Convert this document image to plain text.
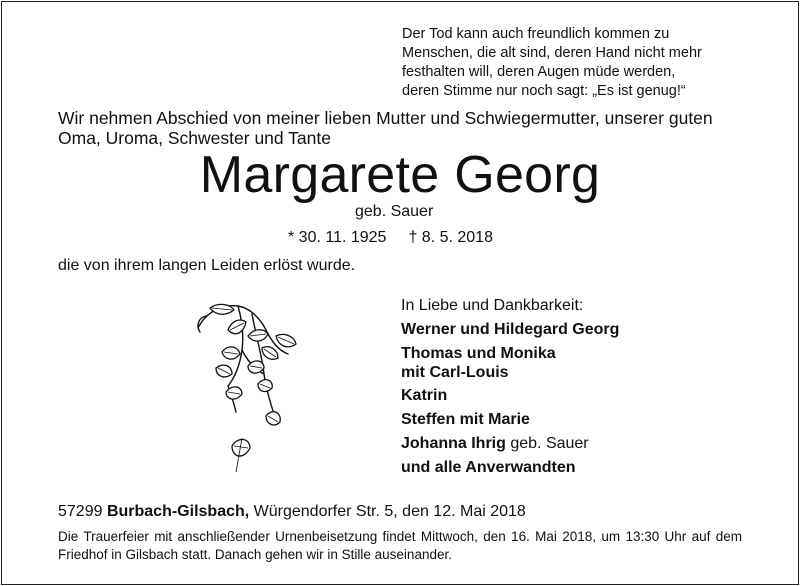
Der Tod kann auch freundlich kommen zu
Menschen, die alt sind, deren Hand nicht mehr
festhalten will, deren Augen müde werden,
deren Stimme nur noch sagt: „Es ist genug!“
Wir nehmen Abschied von meiner lieben Mutter und Schwiegermutter, unserer guten
Oma, Uroma, Schwester und Tante
Margarete Georg
geb. Sauer
* 30. 11. 1925 † 8. 5. 2018
die von ihrem langen Leiden erlöst wurde.
In Liebe und Dankbarkeit:
Werner und Hildegard Georg
Thomas und Monika
mit Carl-Louis
Katrin
Steffen mit Marie
Johanna Ihrig geb. Sauer
und alle Anverwandten
57299 Burbach-Gilsbach, Würgendorfer Str. 5, den 12. Mai 2018
Die Trauerfeier mit anschließender Urnenbeisetzung findet Mittwoch, den 16. Mai 2018, um 13:30 Uhr auf dem Friedhof in Gilsbach statt. Danach gehen wir in Stille auseinander.
